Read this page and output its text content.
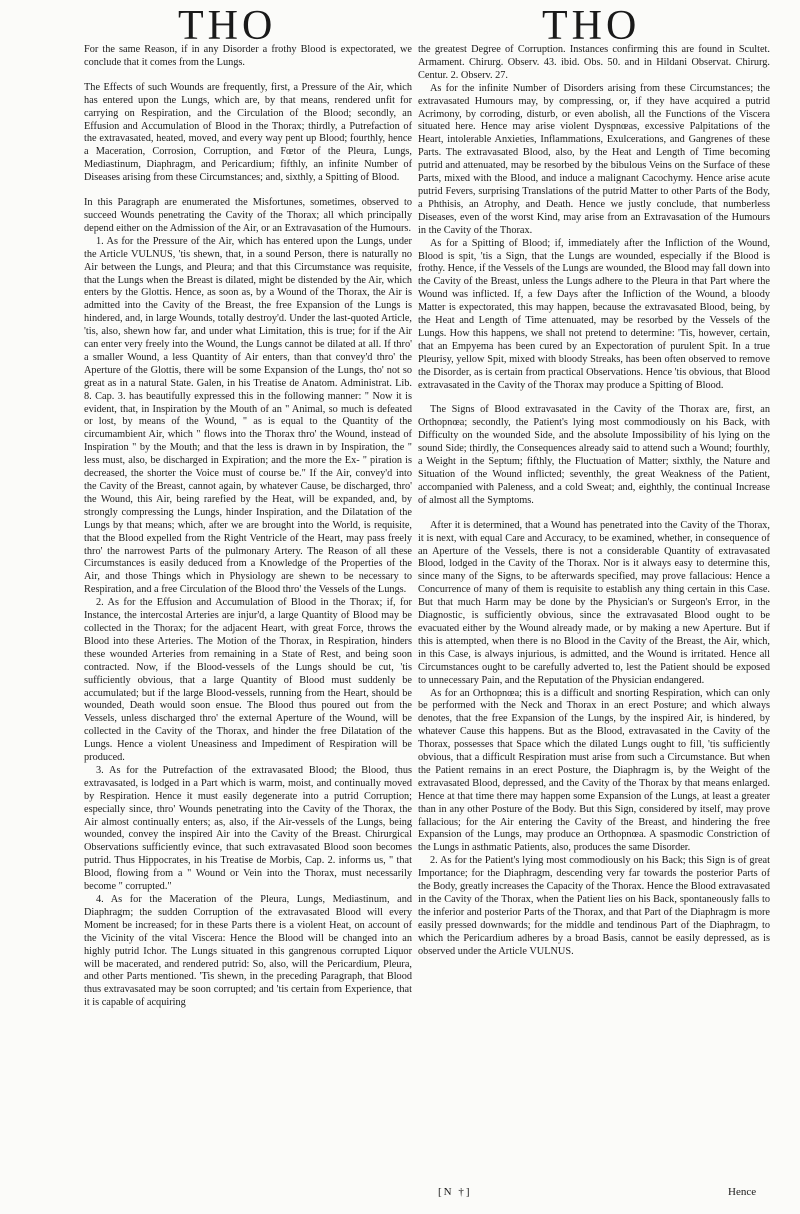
THO	THO

For the same Reason, if in any Disorder a frothy Blood is expectorated, we conclude that it comes from the Lungs.

The Effects of such Wounds are frequently, first, a Pressure of the Air, which has entered upon the Lungs, which are, by that means, rendered unfit for carrying on Respiration, and the Circulation of the Blood; secondly, an Effusion and Accumulation of Blood in the Thorax; thirdly, a Putrefaction of the extravasated, heated, moved, and every way pent up Blood; fourthly, hence a Maceration, Corrosion, Corruption, and Fœtor of the Pleura, Lungs, Mediastinum, Diaphragm, and Pericardium; fifthly, an infinite Number of Diseases arising from these Circumstances; and, sixthly, a Spitting of Blood.

In this Paragraph are enumerated the Misfortunes, sometimes, observed to succeed Wounds penetrating the Cavity of the Thorax; all which principally depend either on the Admission of the Air, or an Extravasation of the Humours.

1. As for the Pressure of the Air, which has entered upon the Lungs, under the Article VULNUS, 'tis shewn, that, in a sound Person, there is naturally no Air between the Lungs, and Pleura; and that this Circumstance was requisite, that the Lungs when the Breast is dilated, might be distended by the Air, which enters by the Glottis. Hence, as soon as, by a Wound of the Thorax, the Air is admitted into the Cavity of the Breast, the free Expansion of the Lungs is hindered, and, in large Wounds, totally destroy'd. Under the last-quoted Article, 'tis, also, shewn how far, and under what Limitation, this is true; for if the Air can enter very freely into the Wound, the Lungs cannot be dilated at all. If thro' a smaller Wound, a less Quantity of Air enters, than that convey'd thro' the Aperture of the Glottis, there will be some Expansion of the Lungs, tho' not so great as in a natural State. Galen, in his Treatise de Anatom. Administrat. Lib. 8. Cap. 3. has beautifully expressed this in the following manner: " Now it is evident, that, in Inspiration by the Mouth of an " Animal, so much is defeated or lost, by means of the Wound, " as is equal to the Quantity of the circumambient Air, which " flows into the Thorax thro' the Wound, instead of Inspiration " by the Mouth; and that the less is drawn in by Inspiration, the " less must, also, be discharged in Expiration; and the more the Ex- " piration is decreased, the shorter the Voice must of course be." If the Air, convey'd into the Cavity of the Breast, cannot again, by whatever Cause, be discharged, thro' the Wound, this Air, being rarefied by the Heat, will be expanded, and, by strongly compressing the Lungs, hinder Inspiration, and the Dilatation of the Lungs by that means; which, after we are brought into the World, is requisite, that the Blood expelled from the Right Ventricle of the Heart, may pass freely thro' the narrowest Parts of the pulmonary Artery. The Reason of all these Circumstances is easily deduced from a Knowledge of the Properties of the Air, and those Things which in Physiology are shewn to be necessary to Respiration, and a free Circulation of the Blood thro' the Vessels of the Lungs.

2. As for the Effusion and Accumulation of Blood in the Thorax; if, for Instance, the intercostal Arteries are injur'd, a large Quantity of Blood may be collected in the Thorax; for the adjacent Heart, with great Force, throws the Blood into these Arteries. The Motion of the Thorax, in Respiration, hinders these wounded Arteries from remaining in a State of Rest, and being soon contracted. Now, if the Blood-vessels of the Lungs should be cut, 'tis sufficiently obvious, that a large Quantity of Blood must suddenly be accumulated; but if the large Blood-vessels, running from the Heart, should be wounded, Death would soon ensue. The Blood thus poured out from the Vessels, unless discharged thro' the external Aperture of the Wound, will be collected in the Cavity of the Thorax, and hinder the free Dilatation of the Lungs. Hence a violent Uneasiness and Impediment of Respiration will be produced.

3. As for the Putrefaction of the extravasated Blood; the Blood, thus extravasated, is lodged in a Part which is warm, moist, and continually moved by Respiration. Hence it must easily degenerate into a putrid Corruption; especially since, thro' Wounds penetrating into the Cavity of the Thorax, the Air almost continually enters; as, also, if the Air-vessels of the Lungs, being wounded, convey the inspired Air into the Cavity of the Breast. Chirurgical Observations sufficiently evince, that such extravasated Blood soon becomes putrid. Thus Hippocrates, in his Treatise de Morbis, Cap. 2. informs us, " that Blood, flowing from a " Wound or Vein into the Thorax, must necessarily become " corrupted."

4. As for the Maceration of the Pleura, Lungs, Mediastinum, and Diaphragm; the sudden Corruption of the extravasated Blood will every Moment be increased; for in these Parts there is a violent Heat, on account of the Vicinity of the vital Viscera: Hence the Blood will be changed into an highly putrid Ichor. The Lungs situated in this gangrenous corrupted Liquor will be macerated, and rendered putrid: So, also, will the Pericardium, Pleura, and other Parts mentioned. 'Tis shewn, in the preceding Paragraph, that Blood thus extravasated may be soon corrupted; and 'tis certain from Experience, that it is capable of acquiring

the greatest Degree of Corruption. Instances confirming this are found in Scultet. Armament. Chirurg. Observ. 43. ibid. Obs. 50. and in Hildani Observat. Chirurg. Centur. 2. Observ. 27.

As for the infinite Number of Disorders arising from these Circumstances; the extravasated Humours may, by compressing, or, if they have acquired a putrid Acrimony, by corroding, disturb, or even abolish, all the Functions of the Viscera situated here. Hence may arise violent Dyspnœas, excessive Palpitations of the Heart, intolerable Anxieties, Inflammations, Exulcerations, and Gangrenes of these Parts. The extravasated Blood, also, by the Heat and Length of Time becoming putrid and attenuated, may be resorbed by the bibulous Veins on the Surface of these Parts, mixed with the Blood, and induce a malignant Cacochymy. Hence arise acute putrid Fevers, surprising Translations of the putrid Matter to other Parts of the Body, a Phthisis, an Atrophy, and Death. Hence we justly conclude, that numberless Diseases, even of the worst Kind, may arise from an Extravasation of the Humours in the Cavity of the Thorax.

As for a Spitting of Blood; if, immediately after the Infliction of the Wound, Blood is spit, 'tis a Sign, that the Lungs are wounded, especially if the Blood is frothy. Hence, if the Vessels of the Lungs are wounded, the Blood may fall down into the Cavity of the Breast, unless the Lungs adhere to the Pleura in that Part where the Wound was inflicted. If, a few Days after the Infliction of the Wound, a bloody Matter is expectorated, this may happen, because the extravasated Blood, being, by the Heat and Length of Time attenuated, may be resorbed by the Vessels of the Lungs. How this happens, we shall not pretend to determine: 'Tis, however, certain, that an Empyema has been cured by an Expectoration of purulent Spit. In a true Pleurisy, yellow Spit, mixed with bloody Streaks, has been often observed to remove the Disorder, as is certain from practical Observations. Hence 'tis obvious, that Blood extravasated in the Cavity of the Thorax may produce a Spitting of Blood.

The Signs of Blood extravasated in the Cavity of the Thorax are, first, an Orthopnœa; secondly, the Patient's lying most commodiously on his Back, with Difficulty on the wounded Side, and the absolute Impossibility of his lying on the sound Side; thirdly, the Consequences already said to attend such a Wound; fourthly, a Weight in the Septum; fifthly, the Fluctuation of Matter; sixthly, the Nature and Situation of the Wound inflicted; seventhly, the great Weakness of the Patient, accompanied with Paleness, and a cold Sweat; and, eighthly, the continual Increase of almost all the Symptoms.

After it is determined, that a Wound has penetrated into the Cavity of the Thorax, it is next, with equal Care and Accuracy, to be examined, whether, in consequence of an Aperture of the Vessels, there is not a considerable Quantity of extravasated Blood, lodged in the Cavity of the Thorax. Nor is it always easy to determine this, since many of the Signs, to be afterwards specified, may prove fallacious: Hence a Concurrence of many of them is requisite to establish any thing certain in this Case. But that much Harm may be done by the Physician's or Surgeon's Error, in the Diagnostic, is sufficiently obvious, since the extravasated Blood ought to be evacuated either by the Wound already made, or by making a new Aperture. But if this is attempted, when there is no Blood in the Cavity of the Breast, the Air, which, in this Case, is always injurious, is admitted, and the Wound is irritated. Hence all Circumstances ought to be carefully adverted to, lest the Patient should be exposed to unnecessary Pain, and the Reputation of the Physician endangered.

As for an Orthopnœa; this is a difficult and snorting Respiration, which can only be performed with the Neck and Thorax in an erect Posture; and which always denotes, that the free Expansion of the Lungs, by the inspired Air, is hindered, by whatever Cause this happens. But as the Blood, extravasated in the Cavity of the Thorax, possesses that Space which the dilated Lungs ought to fill, 'tis sufficiently obvious, that a difficult Respiration must arise from such a Circumstance. But when the Patient remains in an erect Posture, the Diaphragm is, by the Weight of the extravasated Blood, depressed, and the Cavity of the Thorax by that means enlarged. Hence at that time there may happen some Expansion of the Lungs, at least a greater than in any other Posture of the Body. But this Sign, considered by itself, may prove fallacious; for the Air entering the Cavity of the Breast, and hindering the free Expansion of the Lungs, may produce an Orthopnœa. A spasmodic Constriction of the Lungs in asthmatic Patients, also, produces the same Disorder.

2. As for the Patient's lying most commodiously on his Back; this Sign is of great Importance; for the Diaphragm, descending very far towards the posterior Parts of the Body, greatly increases the Capacity of the Thorax. Hence the Blood extravasated in the Cavity of the Thorax, when the Patient lies on his Back, spontaneously falls to the inferior and posterior Parts of the Thorax, and that Part of the Diaphragm is more easily pressed downwards; for the middle and tendinous Part of the Diaphragm, to which the Pericardium adheres by a broad Basis, cannot be easily depressed, as is observed under the Article VULNUS.

[N †]	Hence
